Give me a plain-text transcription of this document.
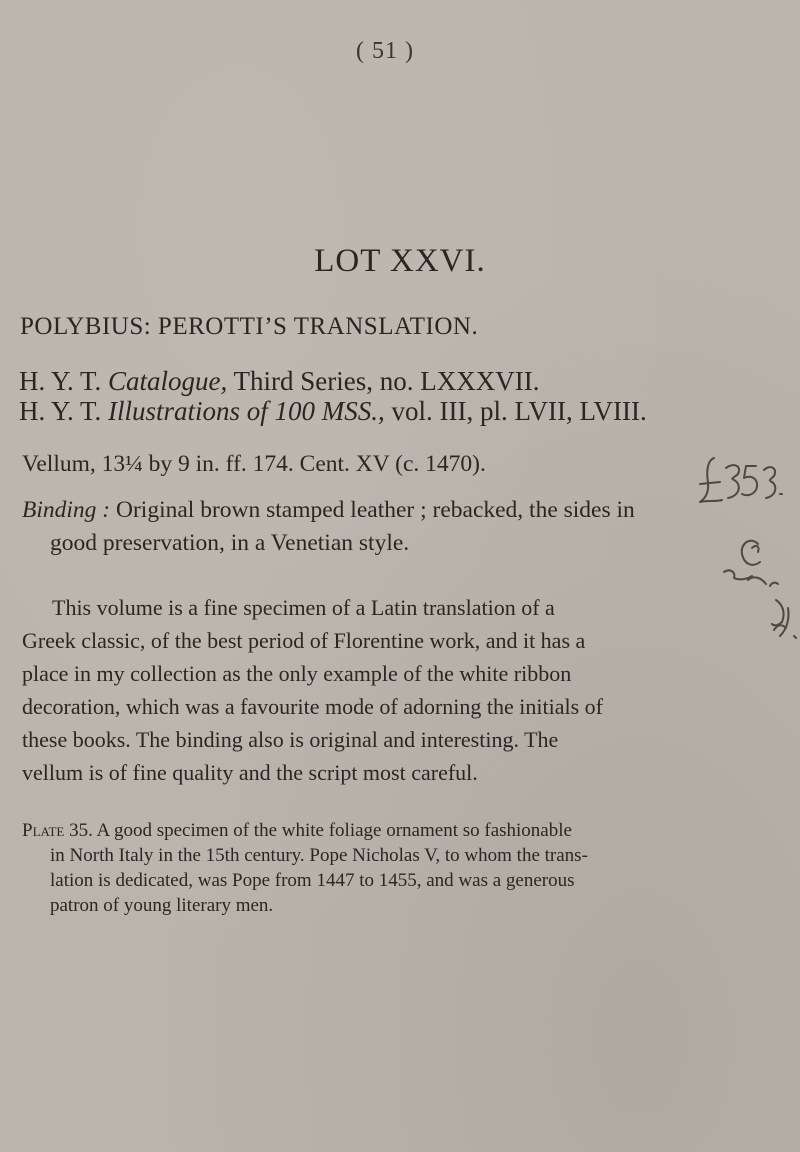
( 51 )
LOT XXVI.
POLYBIUS: PEROTTI’S TRANSLATION.
H. Y. T. Catalogue, Third Series, no. LXXXVII.
H. Y. T. Illustrations of 100 MSS., vol. III, pl. LVII, LVIII.
Vellum, 13¼ by 9 in. ff. 174. Cent. XV (c. 1470).
Binding : Original brown stamped leather ; rebacked, the sides in
good preservation, in a Venetian style.
This volume is a fine specimen of a Latin translation of a
Greek classic, of the best period of Florentine work, and it has a
place in my collection as the only example of the white ribbon
decoration, which was a favourite mode of adorning the initials of
these books. The binding also is original and interesting. The
vellum is of fine quality and the script most careful.
Plate 35. A good specimen of the white foliage ornament so fashionable
in North Italy in the 15th century. Pope Nicholas V, to whom the trans-
lation is dedicated, was Pope from 1447 to 1455, and was a generous
patron of young literary men.
